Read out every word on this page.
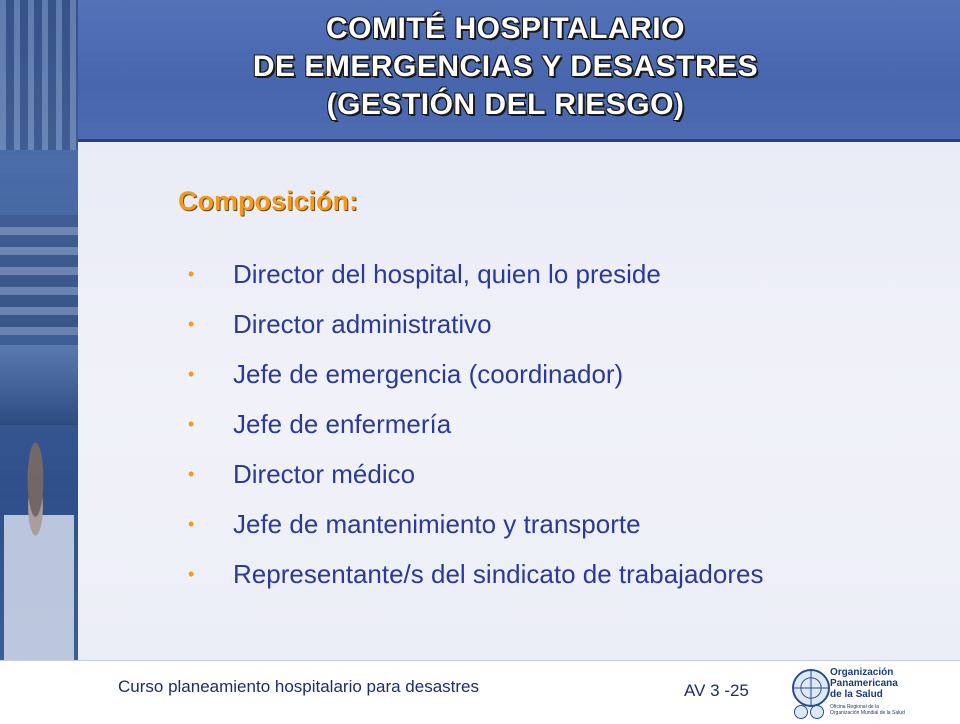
COMITÉ HOSPITALARIO
DE EMERGENCIAS Y DESASTRES
(GESTIÓN DEL RIESGO)
Composición:
• Director del hospital, quien lo preside
• Director administrativo
• Jefe de emergencia (coordinador)
• Jefe de enfermería
• Director médico
• Jefe de mantenimiento y transporte
• Representante/s del sindicato de trabajadores
Curso planeamiento hospitalario para desastres	AV 3 -25
Organización
Panamericana
de la Salud
Oficina Regional de la
Organización Mundial de la Salud
